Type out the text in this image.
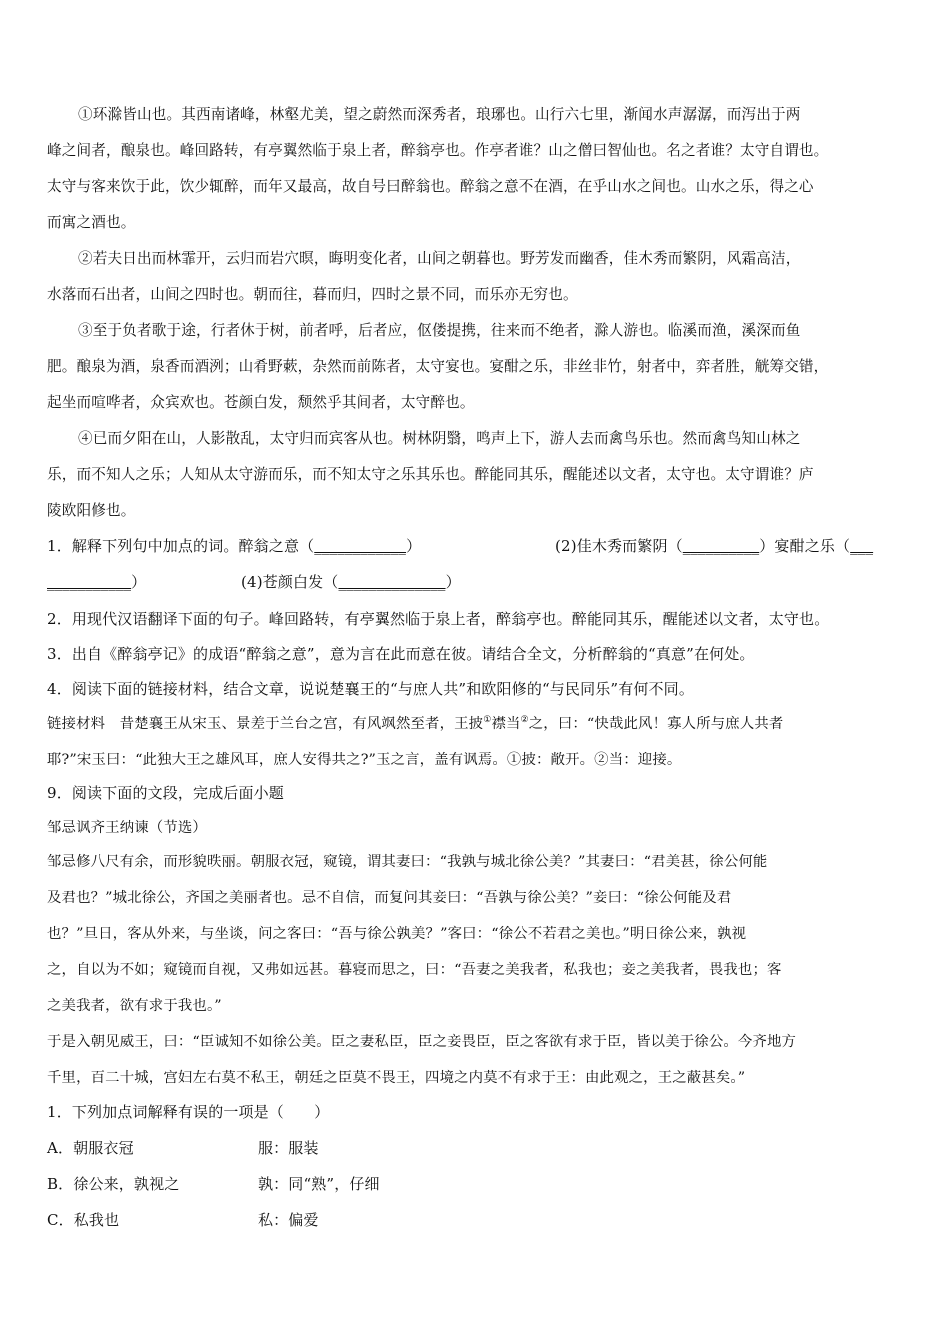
①环滁皆山也。其西南诸峰，林壑尤美，望之蔚然而深秀者，琅琊也。山行六七里，渐闻水声潺潺，而泻出于两
峰之间者，酿泉也。峰回路转，有亭翼然临于泉上者，醉翁亭也。作亭者谁？山之僧曰智仙也。名之者谁？太守自谓也。
太守与客来饮于此，饮少辄醉，而年又最高，故自号曰醉翁也。醉翁之意不在酒，在乎山水之间也。山水之乐，得之心
而寓之酒也。
②若夫日出而林霏开，云归而岩穴暝，晦明变化者，山间之朝暮也。野芳发而幽香，佳木秀而繁阴，风霜高洁，
水落而石出者，山间之四时也。朝而往，暮而归，四时之景不同，而乐亦无穷也。
③至于负者歌于途，行者休于树，前者呼，后者应，伛偻提携，往来而不绝者，滁人游也。临溪而渔，溪深而鱼
肥。酿泉为酒，泉香而酒洌；山肴野蔌，杂然而前陈者，太守宴也。宴酣之乐，非丝非竹，射者中，弈者胜，觥筹交错，
起坐而喧哗者，众宾欢也。苍颜白发，颓然乎其间者，太守醉也。
④已而夕阳在山，人影散乱，太守归而宾客从也。树林阴翳，鸣声上下，游人去而禽鸟乐也。然而禽鸟知山林之
乐，而不知人之乐；人知从太守游而乐，而不知太守之乐其乐也。醉能同其乐，醒能述以文者，太守也。太守谓谁？庐
陵欧阳修也。
1．解释下列句中加点的词。醉翁之意（____________）	(2)佳木秀而繁阴（__________）宴酣之乐（___
___________）	(4)苍颜白发（______________）
2．用现代汉语翻译下面的句子。峰回路转，有亭翼然临于泉上者，醉翁亭也。醉能同其乐，醒能述以文者，太守也。
3．出自《醉翁亭记》的成语“醉翁之意”，意为言在此而意在彼。请结合全文，分析醉翁的“真意”在何处。
4．阅读下面的链接材料，结合文章，说说楚襄王的“与庶人共”和欧阳修的“与民同乐”有何不同。
链接材料　昔楚襄王从宋玉、景差于兰台之宫，有风飒然至者，王披①襟当②之，曰：“快哉此风！寡人所与庶人共者
耶?”宋玉曰：“此独大王之雄风耳，庶人安得共之?”玉之言，盖有讽焉。①披：敞开。②当：迎接。
9．阅读下面的文段，完成后面小题
邹忌讽齐王纳谏（节选）
邹忌修八尺有余，而形貌昳丽。朝服衣冠，窥镜，谓其妻曰：“我孰与城北徐公美？”其妻曰：“君美甚，徐公何能
及君也？”城北徐公，齐国之美丽者也。忌不自信，而复问其妾曰：“吾孰与徐公美？”妾曰：“徐公何能及君
也？”旦日，客从外来，与坐谈，问之客曰：“吾与徐公孰美？”客曰：“徐公不若君之美也。”明日徐公来，孰视
之，自以为不如；窥镜而自视，又弗如远甚。暮寝而思之，曰：“吾妻之美我者，私我也；妾之美我者，畏我也；客
之美我者，欲有求于我也。”
于是入朝见威王，曰：“臣诚知不如徐公美。臣之妻私臣，臣之妾畏臣，臣之客欲有求于臣，皆以美于徐公。今齐地方
千里，百二十城，宫妇左右莫不私王，朝廷之臣莫不畏王，四境之内莫不有求于王：由此观之，王之蔽甚矣。”
1．下列加点词解释有误的一项是（　　）
A．朝服衣冠	服：服装
B．徐公来，孰视之	孰：同“熟”，仔细
C．私我也	私：偏爱
